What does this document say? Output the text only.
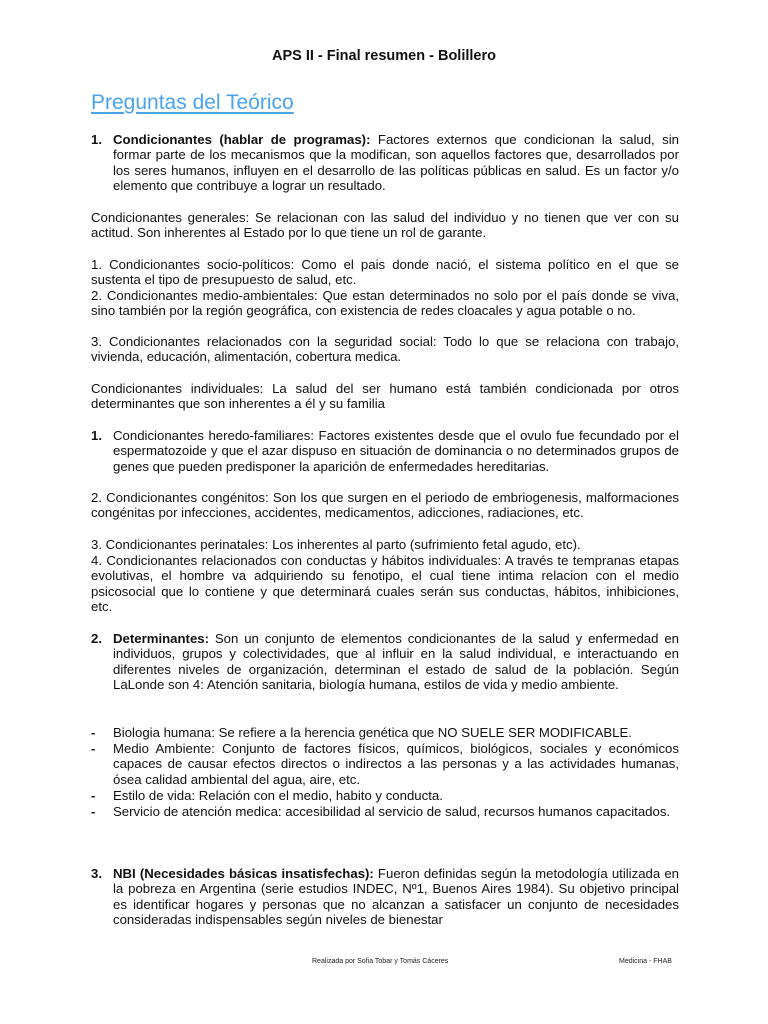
APS II - Final resumen - Bolillero
Preguntas del Teórico
1. Condicionantes (hablar de programas): Factores externos que condicionan la salud, sin formar parte de los mecanismos que la modifican, son aquellos factores que, desarrollados por los seres humanos, influyen en el desarrollo de las políticas públicas en salud. Es un factor y/o elemento que contribuye a lograr un resultado.

Condicionantes generales: Se relacionan con las salud del individuo y no tienen que ver con su actitud. Son inherentes al Estado por lo que tiene un rol de garante.

1. Condicionantes socio-políticos: Como el pais donde nació, el sistema político en el que se sustenta el tipo de presupuesto de salud, etc.

2. Condicionantes medio-ambientales: Que estan determinados no solo por el país donde se viva, sino también por la región geográfica, con existencia de redes cloacales y agua potable o no.

3. Condicionantes relacionados con la seguridad social: Todo lo que se relaciona con trabajo, vivienda, educación, alimentación, cobertura medica.

Condicionantes individuales: La salud del ser humano está también condicionada por otros determinantes que son inherentes a él y su familia

1. Condicionantes heredo-familiares: Factores existentes desde que el ovulo fue fecundado por el espermatozoide y que el azar dispuso en situación de dominancia o no determinados grupos de genes que pueden predisponer la aparición de enfermedades hereditarias.

2. Condicionantes congénitos: Son los que surgen en el periodo de embriogenesis, malformaciones congénitas por infecciones, accidentes, medicamentos, adicciones, radiaciones, etc.

3. Condicionantes perinatales: Los inherentes al parto (sufrimiento fetal agudo, etc).

4. Condicionantes relacionados con conductas y hábitos individuales: A través te tempranas etapas evolutivas, el hombre va adquiriendo su fenotipo, el cual tiene intima relacion con el medio psicosocial que lo contiene y que determinará cuales serán sus conductas, hábitos, inhibiciones, etc.

2. Determinantes: Son un conjunto de elementos condicionantes de la salud y enfermedad en individuos, grupos y colectividades, que al influir en la salud individual, e interactuando en diferentes niveles de organización, determinan el estado de salud de la población. Según LaLonde son 4: Atención sanitaria, biología humana, estilos de vida y medio ambiente.
- Biologia humana: Se refiere a la herencia genética que NO SUELE SER MODIFICABLE.
- Medio Ambiente: Conjunto de factores físicos, químicos, biológicos, sociales y económicos capaces de causar efectos directos o indirectos a las personas y a las actividades humanas, ósea calidad ambiental del agua, aire, etc.
- Estilo de vida: Relación con el medio, habito y conducta.
- Servicio de atención medica: accesibilidad al servicio de salud, recursos humanos capacitados.
3. NBI (Necesidades básicas insatisfechas): Fueron definidas según la metodología utilizada en la pobreza en Argentina (serie estudios INDEC, Nº1, Buenos Aires 1984). Su objetivo principal es identificar hogares y personas que no alcanzan a satisfacer un conjunto de necesidades consideradas indispensables según niveles de bienestar
Realizada por Sofia Tobar y Tomás Cáceres	Medicina - FHAB
